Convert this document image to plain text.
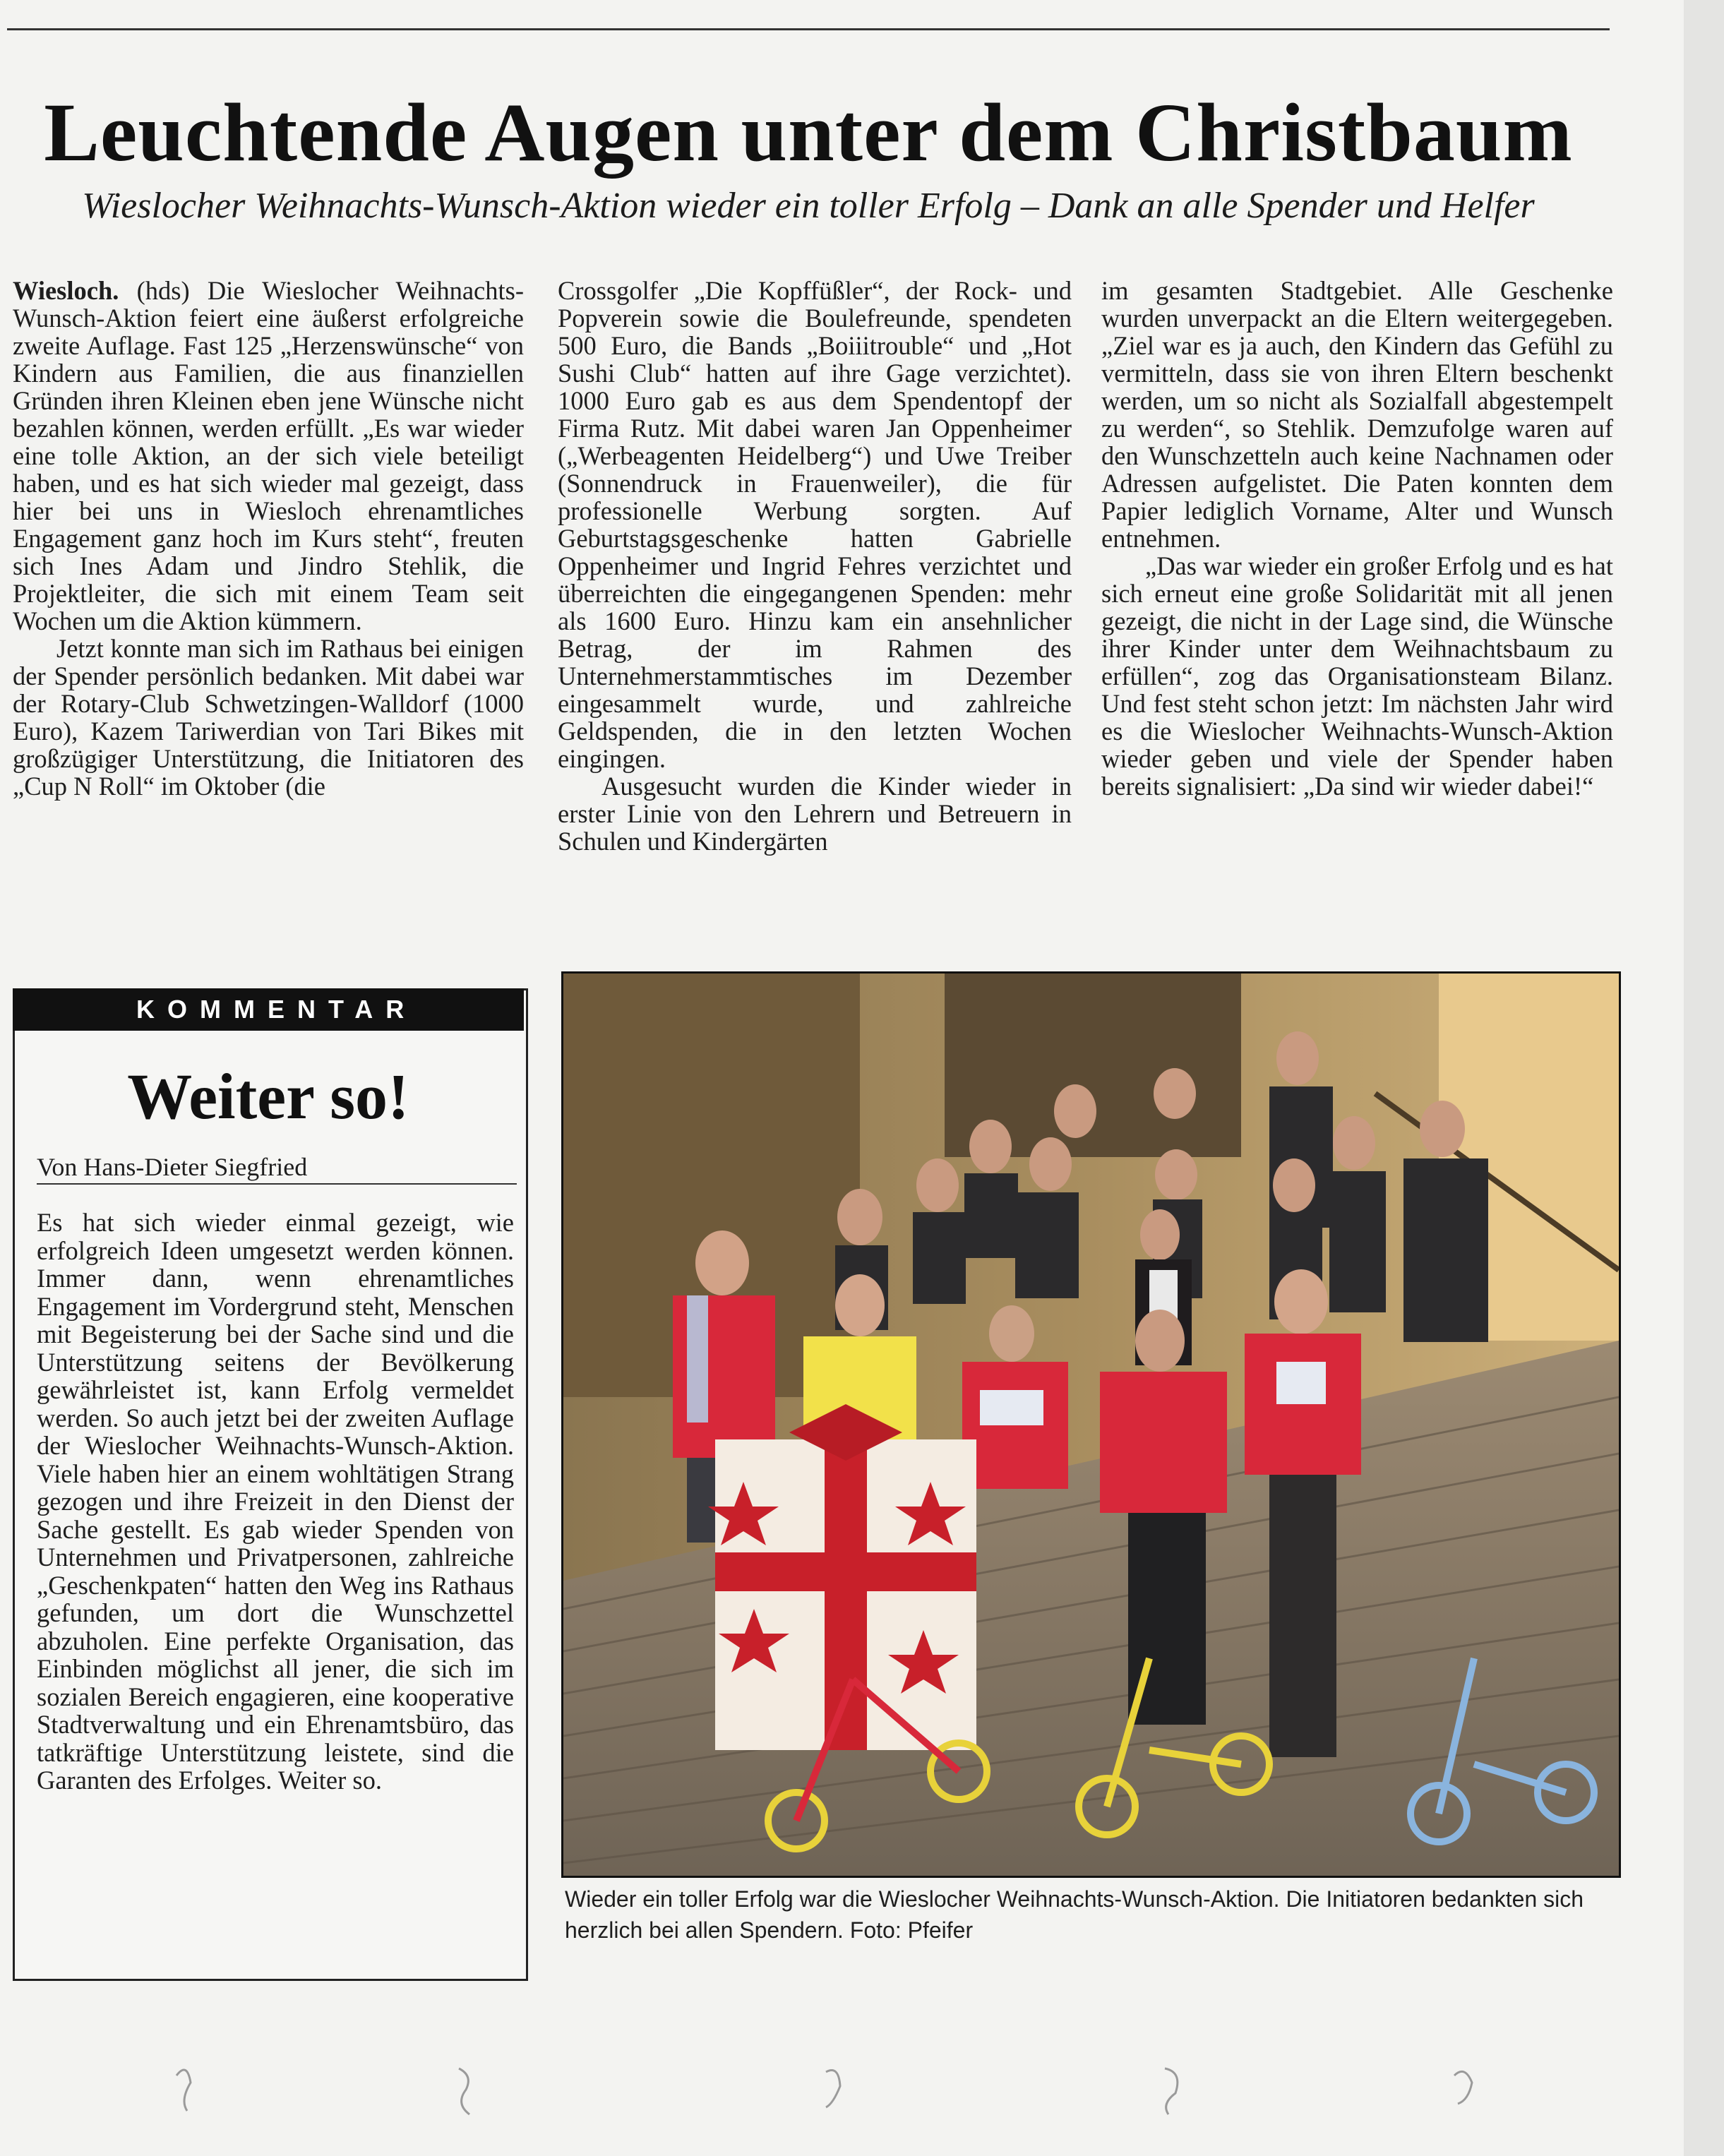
Leuchtende Augen unter dem Christbaum
Wieslocher Weihnachts-Wunsch-Aktion wieder ein toller Erfolg – Dank an alle Spender und Helfer

Wiesloch. (hds) Die Wieslocher Weihnachts-Wunsch-Aktion feiert eine äußerst erfolgreiche zweite Auflage. Fast 125 „Herzenswünsche“ von Kindern aus Familien, die aus finanziellen Gründen ihren Kleinen eben jene Wünsche nicht bezahlen können, werden erfüllt. „Es war wieder eine tolle Aktion, an der sich viele beteiligt haben, und es hat sich wieder mal gezeigt, dass hier bei uns in Wiesloch ehrenamtliches Engagement ganz hoch im Kurs steht“, freuten sich Ines Adam und Jindro Stehlik, die Projektleiter, die sich mit einem Team seit Wochen um die Aktion kümmern.

Jetzt konnte man sich im Rathaus bei einigen der Spender persönlich bedanken. Mit dabei war der Rotary-Club Schwetzingen-Walldorf (1000 Euro), Kazem Tariwerdian von Tari Bikes mit großzügiger Unterstützung, die Initiatoren des „Cup N Roll“ im Oktober (die

Crossgolfer „Die Kopffüßler“, der Rock- und Popverein sowie die Boulefreunde, spendeten 500 Euro, die Bands „Boiiitrouble“ und „Hot Sushi Club“ hatten auf ihre Gage verzichtet). 1000 Euro gab es aus dem Spendentopf der Firma Rutz. Mit dabei waren Jan Oppenheimer („Werbeagenten Heidelberg“) und Uwe Treiber (Sonnendruck in Frauenweiler), die für professionelle Werbung sorgten. Auf Geburtstagsgeschenke hatten Gabrielle Oppenheimer und Ingrid Fehres verzichtet und überreichten die eingegangenen Spenden: mehr als 1600 Euro. Hinzu kam ein ansehnlicher Betrag, der im Rahmen des Unternehmerstammtisches im Dezember eingesammelt wurde, und zahlreiche Geldspenden, die in den letzten Wochen eingingen.

Ausgesucht wurden die Kinder wieder in erster Linie von den Lehrern und Betreuern in Schulen und Kindergärten

im gesamten Stadtgebiet. Alle Geschenke wurden unverpackt an die Eltern weitergegeben. „Ziel war es ja auch, den Kindern das Gefühl zu vermitteln, dass sie von ihren Eltern beschenkt werden, um so nicht als Sozialfall abgestempelt zu werden“, so Stehlik. Demzufolge waren auf den Wunschzetteln auch keine Nachnamen oder Adressen aufgelistet. Die Paten konnten dem Papier lediglich Vorname, Alter und Wunsch entnehmen.

„Das war wieder ein großer Erfolg und es hat sich erneut eine große Solidarität mit all jenen gezeigt, die nicht in der Lage sind, die Wünsche ihrer Kinder unter dem Weihnachtsbaum zu erfüllen“, zog das Organisationsteam Bilanz. Und fest steht schon jetzt: Im nächsten Jahr wird es die Wieslocher Weihnachts-Wunsch-Aktion wieder geben und viele der Spender haben bereits signalisiert: „Da sind wir wieder dabei!“

KOMMENTAR
Weiter so!
Von Hans-Dieter Siegfried

Es hat sich wieder einmal gezeigt, wie erfolgreich Ideen umgesetzt werden können. Immer dann, wenn ehrenamtliches Engagement im Vordergrund steht, Menschen mit Begeisterung bei der Sache sind und die Unterstützung seitens der Bevölkerung gewährleistet ist, kann Erfolg vermeldet werden. So auch jetzt bei der zweiten Auflage der Wieslocher Weihnachts-Wunsch-Aktion. Viele haben hier an einem wohltätigen Strang gezogen und ihre Freizeit in den Dienst der Sache gestellt. Es gab wieder Spenden von Unternehmen und Privatpersonen, zahlreiche „Geschenkpaten“ hatten den Weg ins Rathaus gefunden, um dort die Wunschzettel abzuholen. Eine perfekte Organisation, das Einbinden möglichst all jener, die sich im sozialen Bereich engagieren, eine kooperative Stadtverwaltung und ein Ehrenamtsbüro, das tatkräftige Unterstützung leistete, sind die Garanten des Erfolges. Weiter so.

Wieder ein toller Erfolg war die Wieslocher Weihnachts-Wunsch-Aktion. Die Initiatoren bedankten sich herzlich bei allen Spendern. Foto: Pfeifer
